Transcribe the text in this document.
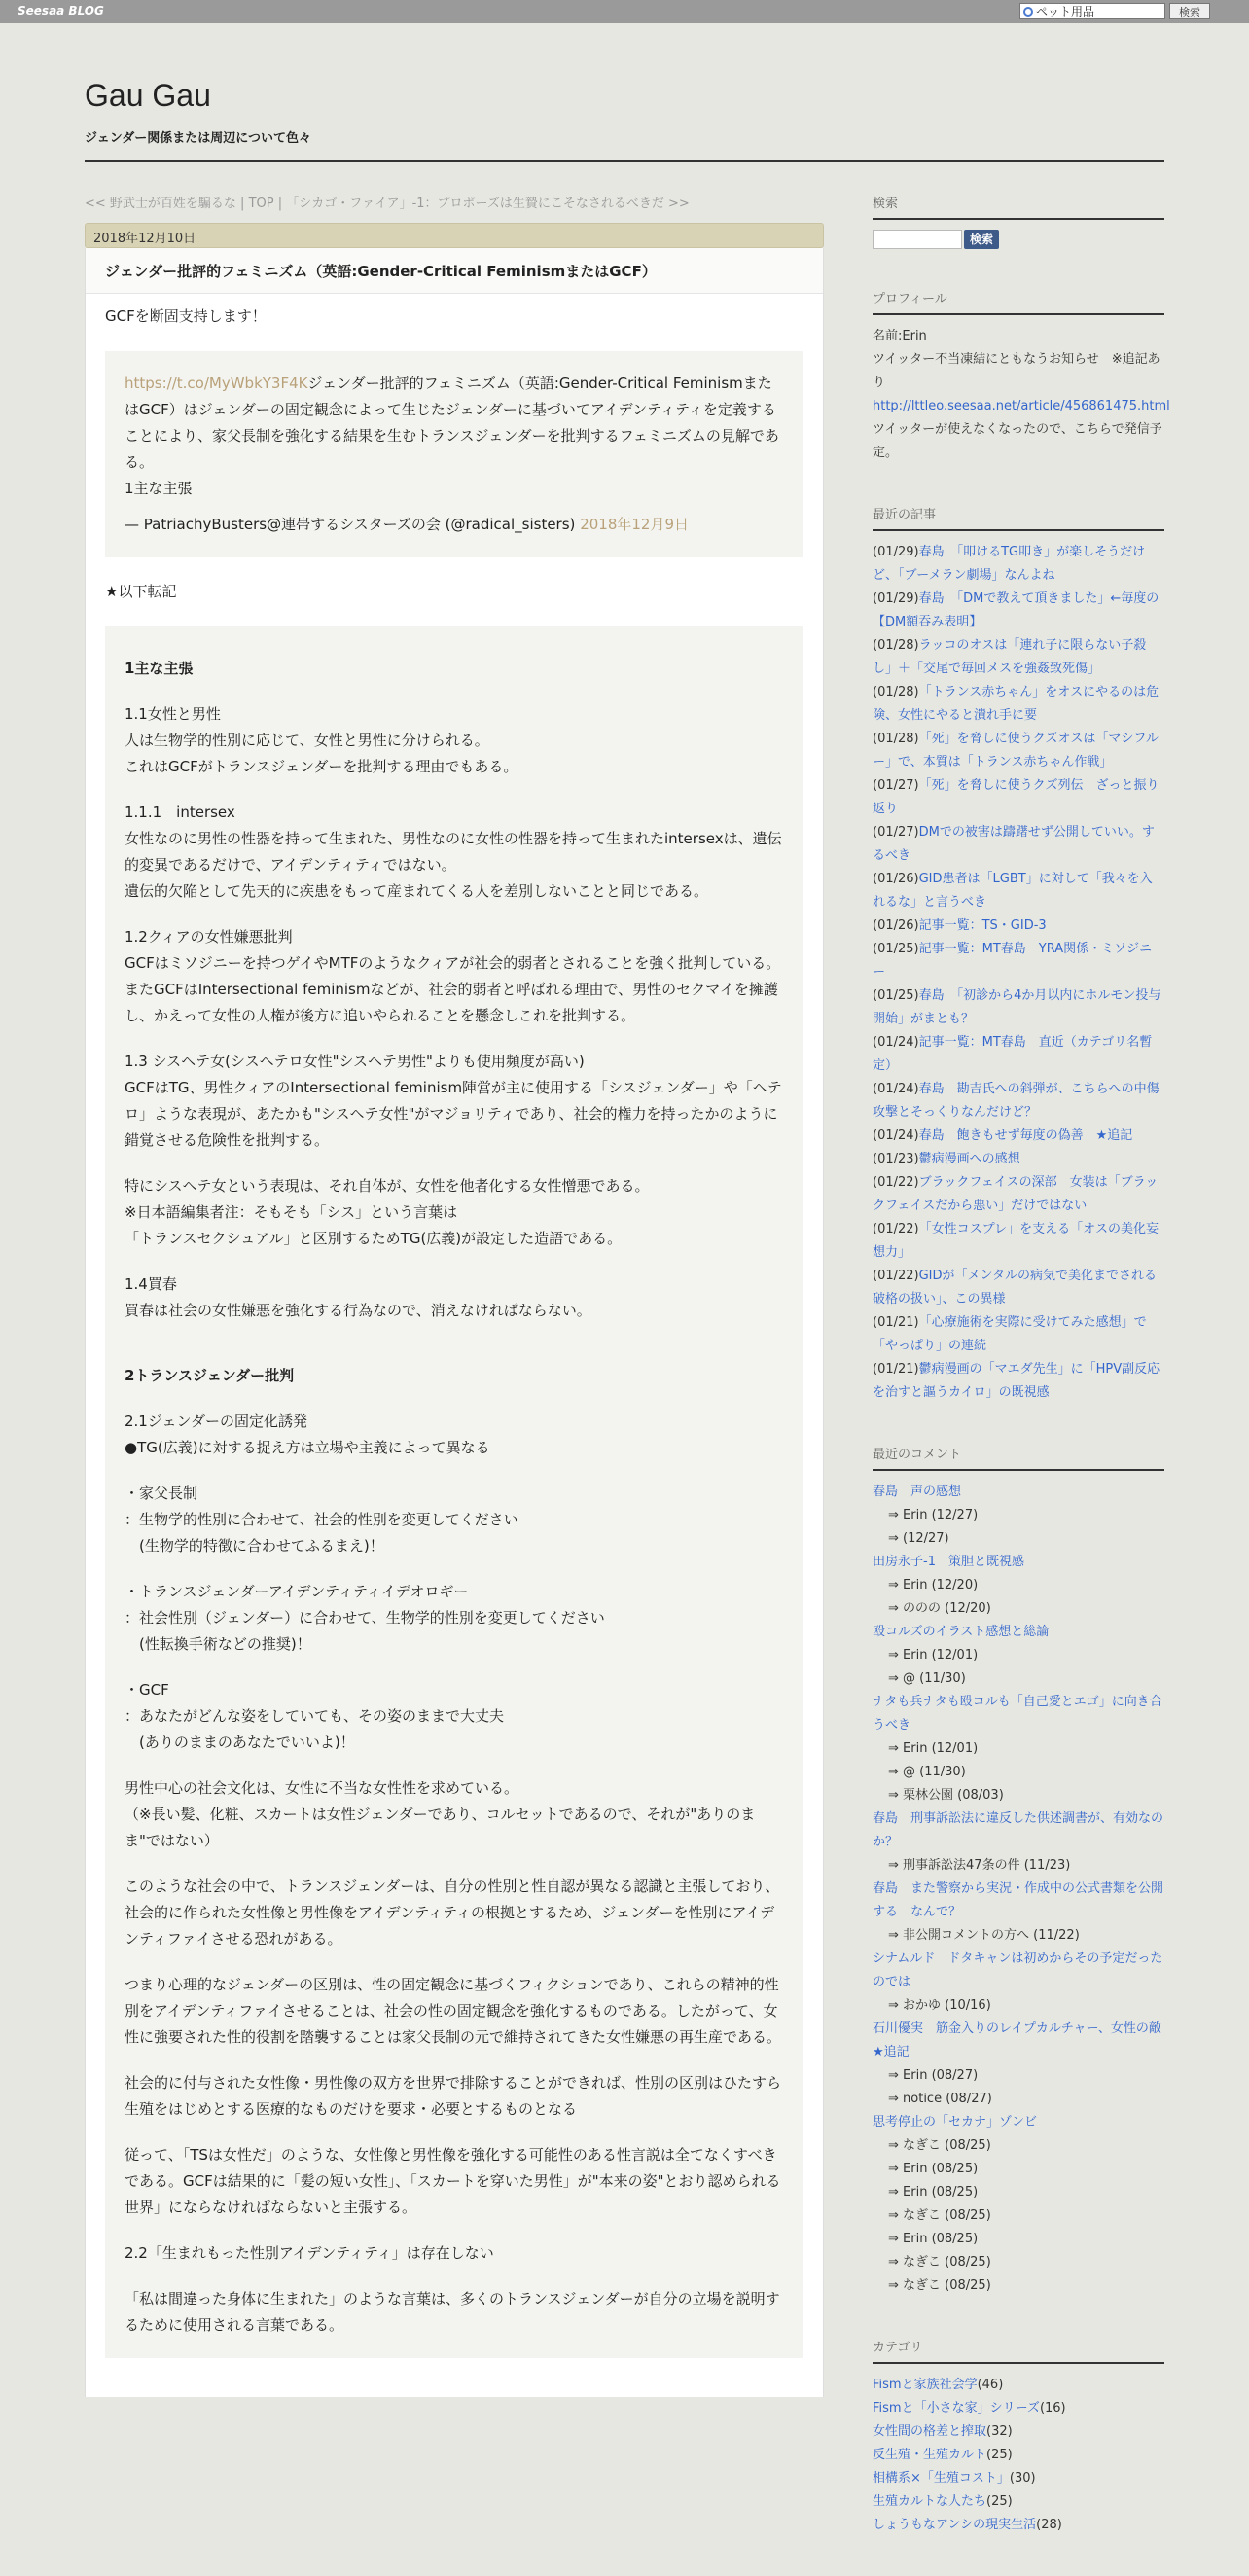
Seesaa BLOG	ペット用品	検索
Gau Gau
ジェンダー関係または周辺について色々
<< 野武士が百姓を騙るな | TOP | 「シカゴ・ファイア」-1：プロポーズは生贄にこそなされるべきだ >>
2018年12月10日
ジェンダー批評的フェミニズム（英語:Gender-Critical FeminismまたはGCF）

GCFを断固支持します！

https://t.co/MyWbkY3F4Kジェンダー批評的フェミニズム（英語:Gender-Critical FeminismまたはGCF）はジェンダーの固定観念によって生じたジェンダーに基づいてアイデンティティを定義することにより、家父長制を強化する結果を生むトランスジェンダーを批判するフェミニズムの見解である。

1主な主張

— PatriachyBusters@連帯するシスターズの会 (@radical_sisters) 2018年12月9日

★以下転記

1主な主張

1.1女性と男性

人は生物学的性別に応じて、女性と男性に分けられる。

これはGCFがトランスジェンダーを批判する理由でもある。

1.1.1　intersex

女性なのに男性の性器を持って生まれた、男性なのに女性の性器を持って生まれたintersexは、遺伝的変異であるだけで、アイデンティティではない。

遺伝的欠陥として先天的に疾患をもって産まれてくる人を差別しないことと同じである。

1.2クィアの女性嫌悪批判

GCFはミソジニーを持つゲイやMTFのようなクィアが社会的弱者とされることを強く批判している。またGCFはIntersectional feminismなどが、社会的弱者と呼ばれる理由で、男性のセクマイを擁護し、かえって女性の人権が後方に追いやられることを懸念しこれを批判する。

1.3 シスヘテ女(シスヘテロ女性"シスヘテ男性"よりも使用頻度が高い)

GCFはTG、男性クィアのIntersectional feminism陣営が主に使用する「シスジェンダー」や「ヘテロ」ような表現が、あたかも"シスヘテ女性"がマジョリティであり、社会的権力を持ったかのように錯覚させる危険性を批判する。

特にシスヘテ女という表現は、それ自体が、女性を他者化する女性憎悪である。

※日本語編集者注：そもそも「シス」という言葉は

「トランスセクシュアル」と区別するためTG(広義)が設定した造語である。

1.4買春

買春は社会の女性嫌悪を強化する行為なので、消えなければならない。

2トランスジェンダー批判

2.1ジェンダーの固定化誘発

●TG(広義)に対する捉え方は立場や主義によって異なる

・家父長制

：生物学的性別に合わせて、社会的性別を変更してください

　(生物学的特徴に合わせてふるまえ)！

・トランスジェンダーアイデンティティイデオロギー

：社会性別（ジェンダー）に合わせて、生物学的性別を変更してください

　(性転換手術などの推奨)！

・GCF

：あなたがどんな姿をしていても、その姿のままで大丈夫

　(ありのままのあなたでいいよ)！

男性中心の社会文化は、女性に不当な女性性を求めている。

（※長い髪、化粧、スカートは女性ジェンダーであり、コルセットであるので、それが"ありのまま"ではない）

このような社会の中で、トランスジェンダーは、自分の性別と性自認が異なる認識と主張しており、社会的に作られた女性像と男性像をアイデンティティの根拠とするため、ジェンダーを性別にアイデンティファイさせる恐れがある。

つまり心理的なジェンダーの区別は、性の固定観念に基づくフィクションであり、これらの精神的性別をアイデンティファイさせることは、社会の性の固定観念を強化するものである。したがって、女性に強要された性的役割を踏襲することは家父長制の元で維持されてきた女性嫌悪の再生産である。

社会的に付与された女性像・男性像の双方を世界で排除することができれば、性別の区別はひたすら生殖をはじめとする医療的なものだけを要求・必要とするものとなる

従って、「TSは女性だ」のような、女性像と男性像を強化する可能性のある性言説は全てなくすべきである。GCFは結果的に「髪の短い女性」、「スカートを穿いた男性」が"本来の姿"とおり認められる世界」にならなければならないと主張する。

2.2「生まれもった性別アイデンティティ」は存在しない

「私は間違った身体に生まれた」のような言葉は、多くのトランスジェンダーが自分の立場を説明するために使用される言葉である。

検索
検索
プロフィール
名前:Erin
ツイッター不当凍結にともなうお知らせ　※追記あり
http://lttleo.seesaa.net/article/456861475.html
ツイッターが使えなくなったので、こちらで発信予定。
最近の記事
(01/29)春島　「叩けるTG叩き」が楽しそうだけど、「ブーメラン劇場」なんよね
(01/29)春島　「DMで教えて頂きました」←毎度の【DM額吞み表明】
(01/28)ラッコのオスは「連れ子に限らない子殺し」＋「交尾で毎回メスを強姦致死傷」
(01/28)「トランス赤ちゃん」をオスにやるのは危険、女性にやると潰れ手に要
(01/28)「死」を脅しに使うクズオスは「マシフルー」で、本質は「トランス赤ちゃん作戦」
(01/27)「死」を脅しに使うクズ列伝　ざっと振り返り
(01/27)DMでの被害は躊躇せず公開していい。するべき
(01/26)GID患者は「LGBT」に対して「我々を入れるな」と言うべき
(01/26)記事一覧：TS・GID-3
(01/25)記事一覧：MT春島　YRA関係・ミソジニー
(01/25)春島　「初診から4か月以内にホルモン投与開始」がまとも？
(01/24)記事一覧：MT春島　直近（カテゴリ名暫定）
(01/24)春島　勘吉氏への斜弾が、こちらへの中傷攻撃とそっくりなんだけど？
(01/24)春島　飽きもせず毎度の偽善　★追記
(01/23)鬱病漫画への感想
(01/22)ブラックフェイスの深部　女装は「ブラックフェイスだから悪い」だけではない
(01/22)「女性コスプレ」を支える「オスの美化妄想力」
(01/22)GIDが「メンタルの病気で美化までされる破格の扱い」、この異様
(01/21)「心療施術を実際に受けてみた感想」で「やっぱり」の連続
(01/21)鬱病漫画の「マエダ先生」に「HPV副反応を治すと謳うカイロ」の既視感
最近のコメント
春島　声の感想
⇒ Erin (12/27)
⇒ (12/27)
田房永子-1　策胆と既視感
⇒ Erin (12/20)
⇒ ののの (12/20)
殴コルズのイラスト感想と総論
⇒ Erin (12/01)
⇒ @ (11/30)
ナタも兵ナタも殴コルも「自己愛とエゴ」に向き合うべき
⇒ Erin (12/01)
⇒ @ (11/30)
⇒ 栗林公園 (08/03)
春島　刑事訴訟法に違反した供述調書が、有効なのか？
⇒ 刑事訴訟法47条の件 (11/23)
春島　また警察から実況・作成中の公式書類を公開する　なんで？
⇒ 非公開コメントの方へ (11/22)
シナムルド　ドタキャンは初めからその予定だったのでは
⇒ おかゆ (10/16)
石川優実　筋金入りのレイプカルチャー、女性の敵　★追記
⇒ Erin (08/27)
⇒ notice (08/27)
思考停止の「セカナ」ゾンビ
⇒ なぎこ (08/25)
⇒ Erin (08/25)
⇒ Erin (08/25)
⇒ なぎこ (08/25)
⇒ Erin (08/25)
⇒ なぎこ (08/25)
⇒ なぎこ (08/25)
カテゴリ
Fismと家族社会学(46)
Fismと「小さな家」シリーズ(16)
女性間の格差と搾取(32)
反生殖・生殖カルト(25)
相構系×「生殖コスト」(30)
生殖カルトな人たち(25)
しょうもなアンシの現実生活(28)
